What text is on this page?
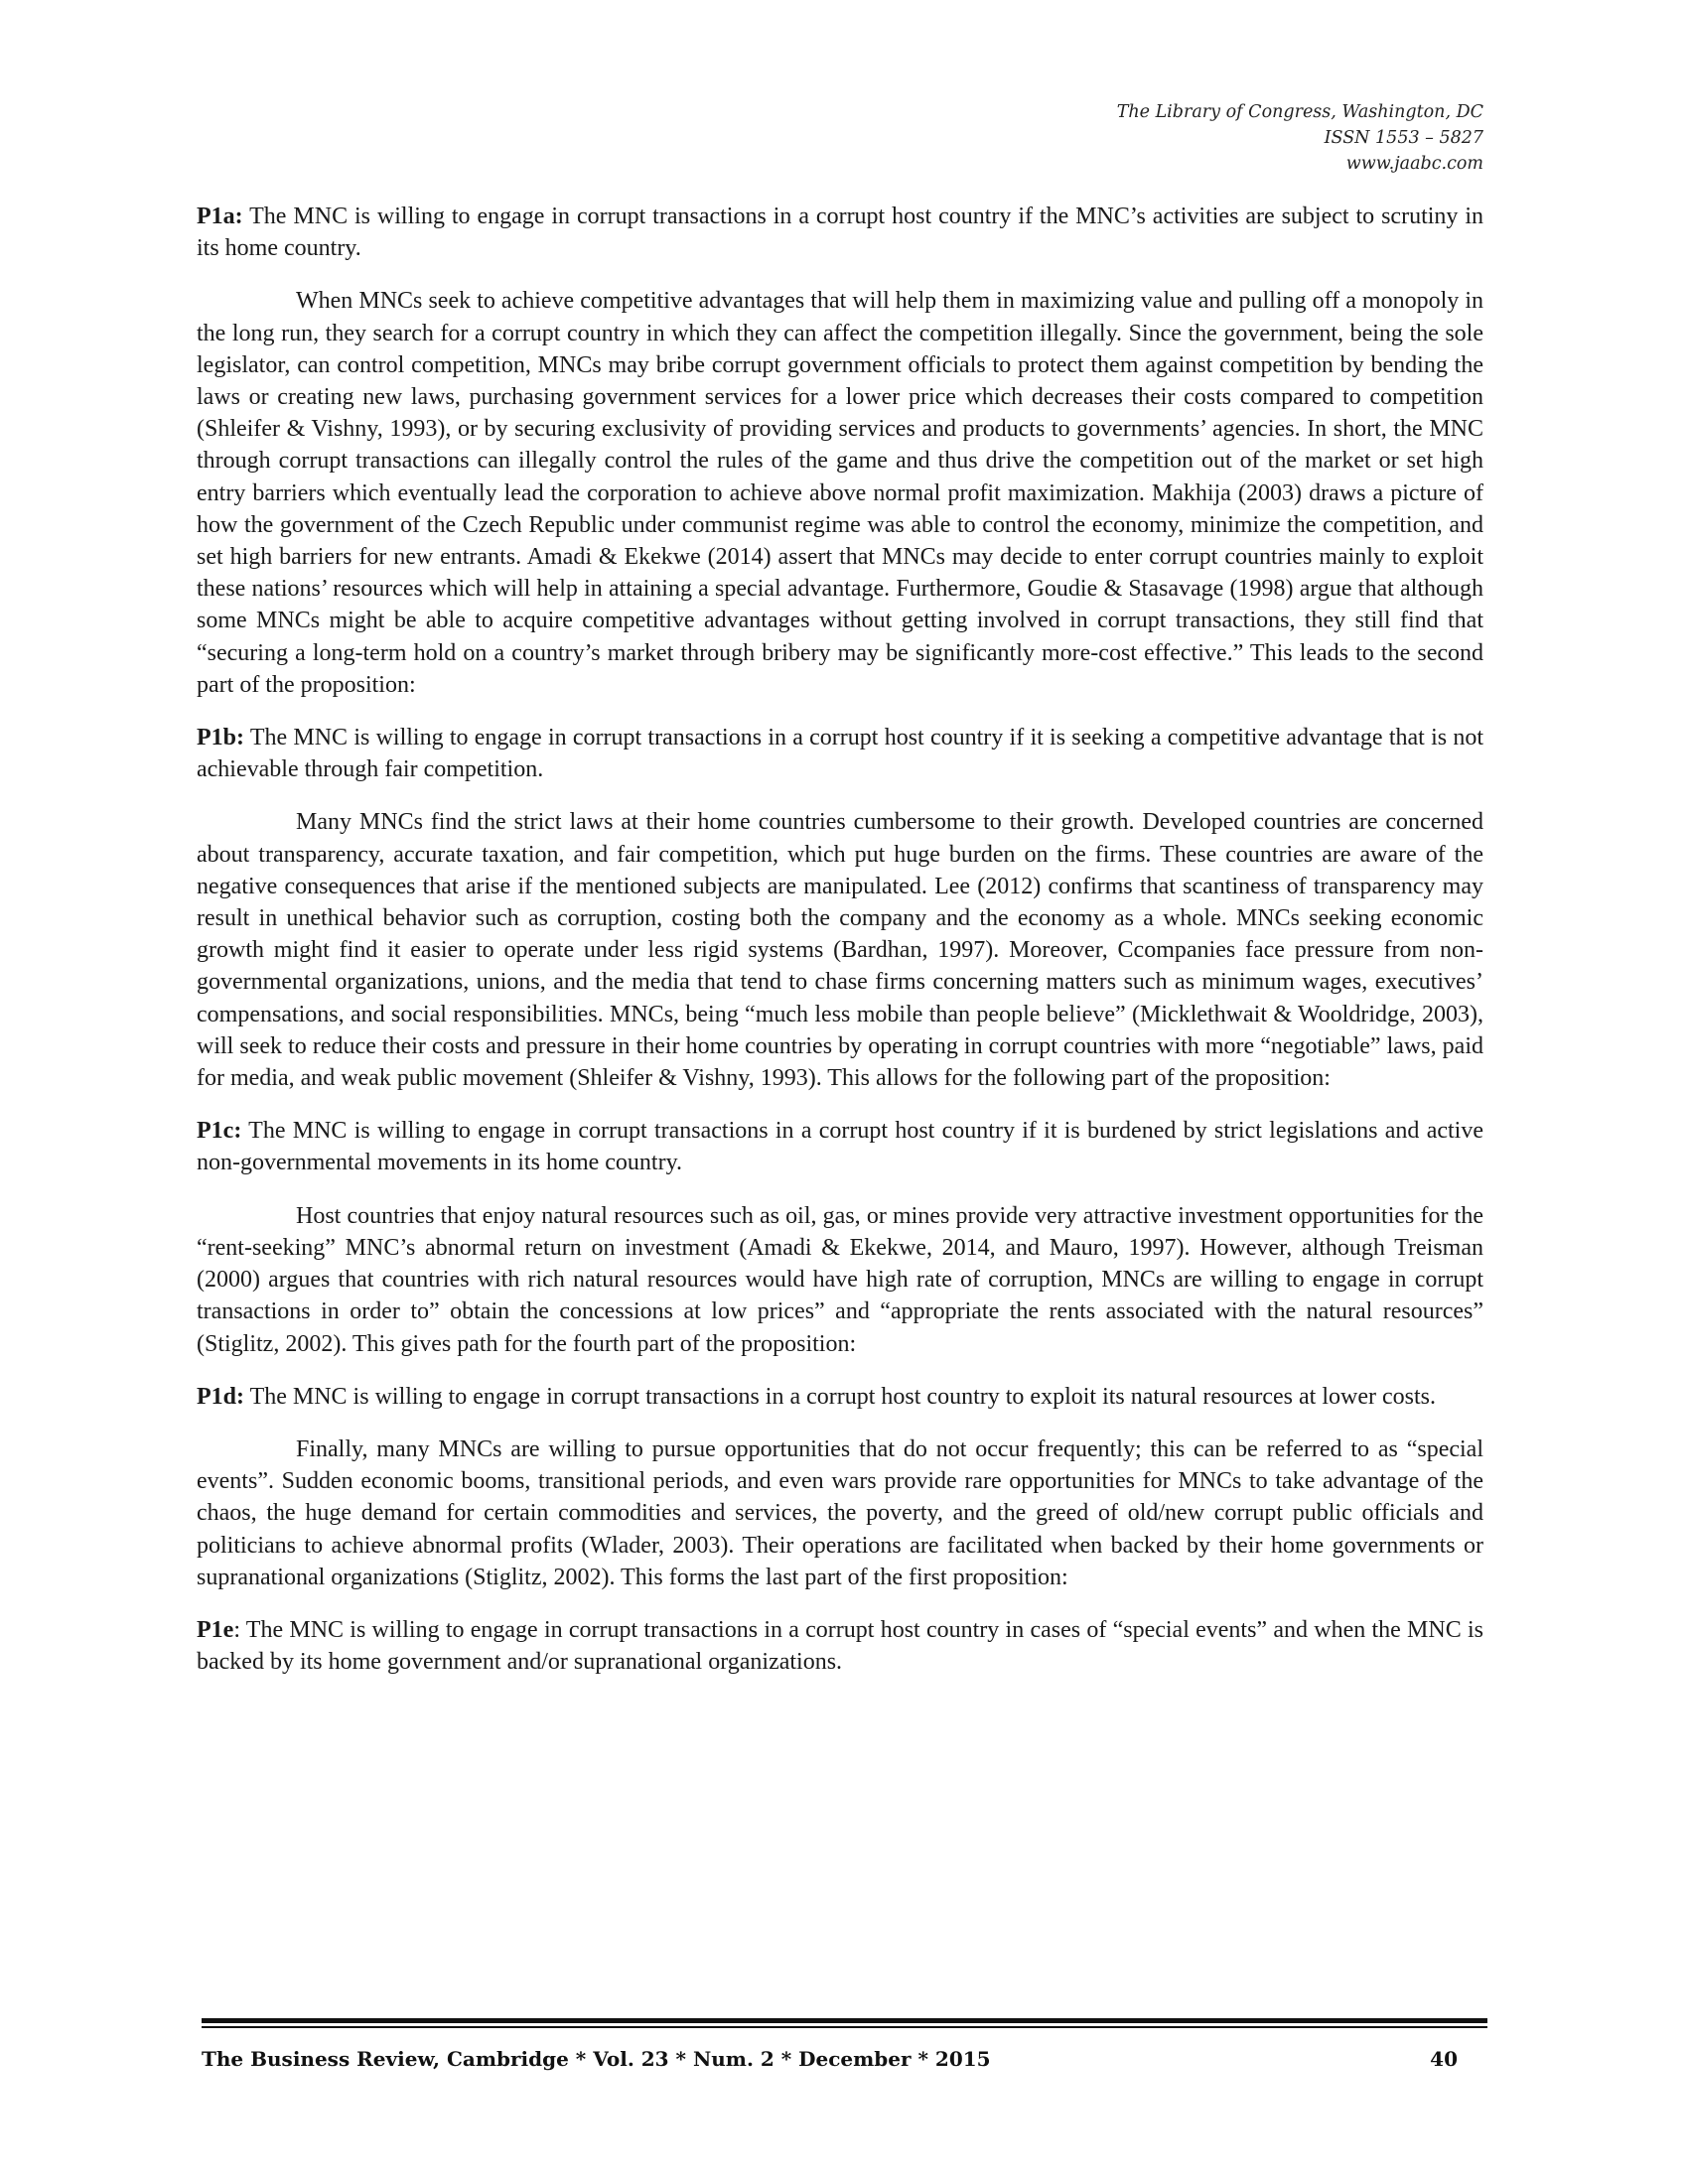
The Library of Congress, Washington, DC
ISSN 1553 – 5827
www.jaabc.com

P1a: The MNC is willing to engage in corrupt transactions in a corrupt host country if the MNC’s activities are subject to scrutiny in its home country.

When MNCs seek to achieve competitive advantages that will help them in maximizing value and pulling off a monopoly in the long run, they search for a corrupt country in which they can affect the competition illegally. Since the government, being the sole legislator, can control competition, MNCs may bribe corrupt government officials to protect them against competition by bending the laws or creating new laws, purchasing government services for a lower price which decreases their costs compared to competition (Shleifer & Vishny, 1993), or by securing exclusivity of providing services and products to governments’ agencies. In short, the MNC through corrupt transactions can illegally control the rules of the game and thus drive the competition out of the market or set high entry barriers which eventually lead the corporation to achieve above normal profit maximization. Makhija (2003) draws a picture of how the government of the Czech Republic under communist regime was able to control the economy, minimize the competition, and set high barriers for new entrants. Amadi & Ekekwe (2014) assert that MNCs may decide to enter corrupt countries mainly to exploit these nations’ resources which will help in attaining a special advantage. Furthermore, Goudie & Stasavage (1998) argue that although some MNCs might be able to acquire competitive advantages without getting involved in corrupt transactions, they still find that “securing a long-term hold on a country’s market through bribery may be significantly more-cost effective.” This leads to the second part of the proposition:

P1b: The MNC is willing to engage in corrupt transactions in a corrupt host country if it is seeking a competitive advantage that is not achievable through fair competition.

Many MNCs find the strict laws at their home countries cumbersome to their growth. Developed countries are concerned about transparency, accurate taxation, and fair competition, which put huge burden on the firms. These countries are aware of the negative consequences that arise if the mentioned subjects are manipulated. Lee (2012) confirms that scantiness of transparency may result in unethical behavior such as corruption, costing both the company and the economy as a whole. MNCs seeking economic growth might find it easier to operate under less rigid systems (Bardhan, 1997). Moreover, Ccompanies face pressure from non-governmental organizations, unions, and the media that tend to chase firms concerning matters such as minimum wages, executives’ compensations, and social responsibilities. MNCs, being “much less mobile than people believe” (Micklethwait & Wooldridge, 2003), will seek to reduce their costs and pressure in their home countries by operating in corrupt countries with more “negotiable” laws, paid for media, and weak public movement (Shleifer & Vishny, 1993). This allows for the following part of the proposition:

P1c: The MNC is willing to engage in corrupt transactions in a corrupt host country if it is burdened by strict legislations and active non-governmental movements in its home country.

Host countries that enjoy natural resources such as oil, gas, or mines provide very attractive investment opportunities for the “rent-seeking” MNC’s abnormal return on investment (Amadi & Ekekwe, 2014, and Mauro, 1997). However, although Treisman (2000) argues that countries with rich natural resources would have high rate of corruption, MNCs are willing to engage in corrupt transactions in order to” obtain the concessions at low prices” and “appropriate the rents associated with the natural resources” (Stiglitz, 2002). This gives path for the fourth part of the proposition:

P1d: The MNC is willing to engage in corrupt transactions in a corrupt host country to exploit its natural resources at lower costs.

Finally, many MNCs are willing to pursue opportunities that do not occur frequently; this can be referred to as “special events”. Sudden economic booms, transitional periods, and even wars provide rare opportunities for MNCs to take advantage of the chaos, the huge demand for certain commodities and services, the poverty, and the greed of old/new corrupt public officials and politicians to achieve abnormal profits (Wlader, 2003). Their operations are facilitated when backed by their home governments or supranational organizations (Stiglitz, 2002). This forms the last part of the first proposition:

P1e: The MNC is willing to engage in corrupt transactions in a corrupt host country in cases of “special events” and when the MNC is backed by its home government and/or supranational organizations.

The Business Review, Cambridge * Vol. 23 * Num. 2 * December * 2015	40
